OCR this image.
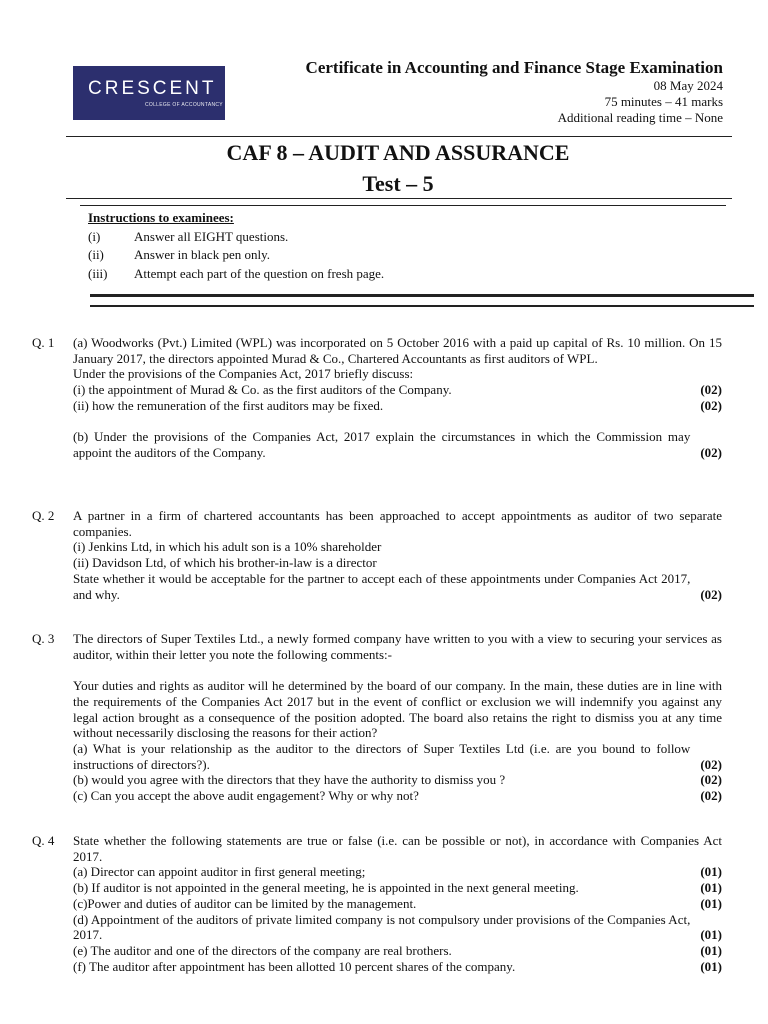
CRESCENT
COLLEGE OF ACCOUNTANCY
Certificate in Accounting and Finance Stage Examination
08 May 2024
75 minutes – 41 marks
Additional reading time – None
CAF 8 – AUDIT AND ASSURANCE
Test – 5
Instructions to examinees:
(i)	Answer all EIGHT questions.
(ii)	Answer in black pen only.
(iii)	Attempt each part of the question on fresh page.
Q. 1 (a) Woodworks (Pvt.) Limited (WPL) was incorporated on 5 October 2016 with a paid up capital of Rs. 10 million. On 15 January 2017, the directors appointed Murad & Co., Chartered Accountants as first auditors of WPL.
Under the provisions of the Companies Act, 2017 briefly discuss:
(i) the appointment of Murad & Co. as the first auditors of the Company.	(02)
(ii) how the remuneration of the first auditors may be fixed.	(02)
(b) Under the provisions of the Companies Act, 2017 explain the circumstances in which the Commission may appoint the auditors of the Company.	(02)
Q. 2 A partner in a firm of chartered accountants has been approached to accept appointments as auditor of two separate companies.
(i) Jenkins Ltd, in which his adult son is a 10% shareholder
(ii) Davidson Ltd, of which his brother-in-law is a director
State whether it would be acceptable for the partner to accept each of these appointments under Companies Act 2017, and why.	(02)
Q. 3 The directors of Super Textiles Ltd., a newly formed company have written to you with a view to securing your services as auditor, within their letter you note the following comments:-
Your duties and rights as auditor will he determined by the board of our company. In the main, these duties are in line with the requirements of the Companies Act 2017 but in the event of conflict or exclusion we will indemnify you against any legal action brought as a consequence of the position adopted. The board also retains the right to dismiss you at any time without necessarily disclosing the reasons for their action?
(a) What is your relationship as the auditor to the directors of Super Textiles Ltd (i.e. are you bound to follow instructions of directors?).	(02)
(b) would you agree with the directors that they have the authority to dismiss you ?	(02)
(c) Can you accept the above audit engagement? Why or why not?	(02)
Q. 4 State whether the following statements are true or false (i.e. can be possible or not), in accordance with Companies Act 2017.
(a) Director can appoint auditor in first general meeting;	(01)
(b) If auditor is not appointed in the general meeting, he is appointed in the next general meeting.	(01)
(c)Power and duties of auditor can be limited by the management.	(01)
(d) Appointment of the auditors of private limited company is not compulsory under provisions of the Companies Act, 2017.	(01)
(e) The auditor and one of the directors of the company are real brothers.	(01)
(f) The auditor after appointment has been allotted 10 percent shares of the company.	(01)
